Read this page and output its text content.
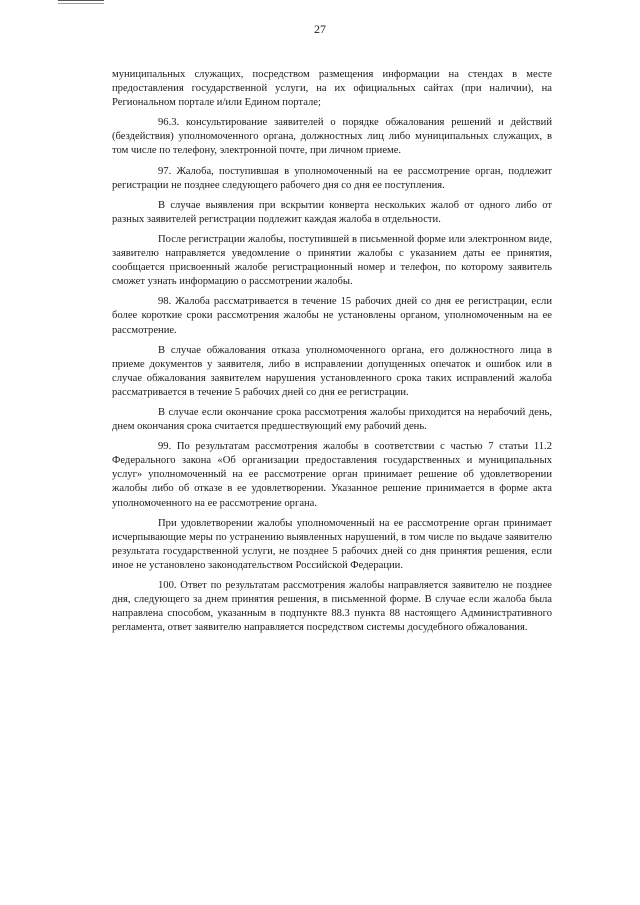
27

муниципальных служащих, посредством размещения информации на стендах в месте предоставления государственной услуги, на их официальных сайтах (при наличии), на Региональном портале и/или Едином портале;

96.3. консультирование заявителей о порядке обжалования решений и действий (бездействия) уполномоченного органа, должностных лиц либо муниципальных служащих, в том числе по телефону, электронной почте, при личном приеме.

97. Жалоба, поступившая в уполномоченный на ее рассмотрение орган, подлежит регистрации не позднее следующего рабочего дня со дня ее поступления.

В случае выявления при вскрытии конверта нескольких жалоб от одного либо от разных заявителей регистрации подлежит каждая жалоба в отдельности.

После регистрации жалобы, поступившей в письменной форме или электронном виде, заявителю направляется уведомление о принятии жалобы с указанием даты ее принятия, сообщается присвоенный жалобе регистрационный номер и телефон, по которому заявитель сможет узнать информацию о рассмотрении жалобы.

98. Жалоба рассматривается в течение 15 рабочих дней со дня ее регистрации, если более короткие сроки рассмотрения жалобы не установлены органом, уполномоченным на ее рассмотрение.

В случае обжалования отказа уполномоченного органа, его должностного лица в приеме документов у заявителя, либо в исправлении допущенных опечаток и ошибок или в случае обжалования заявителем нарушения установленного срока таких исправлений жалоба рассматривается в течение 5 рабочих дней со дня ее регистрации.

В случае если окончание срока рассмотрения жалобы приходится на нерабочий день, днем окончания срока считается предшествующий ему рабочий день.

99. По результатам рассмотрения жалобы в соответствии с частью 7 статьи 11.2 Федерального закона «Об организации предоставления государственных и муниципальных услуг» уполномоченный на ее рассмотрение орган принимает решение об удовлетворении жалобы либо об отказе в ее удовлетворении. Указанное решение принимается в форме акта уполномоченного на ее рассмотрение органа.

При удовлетворении жалобы уполномоченный на ее рассмотрение орган принимает исчерпывающие меры по устранению выявленных нарушений, в том числе по выдаче заявителю результата государственной услуги, не позднее 5 рабочих дней со дня принятия решения, если иное не установлено законодательством Российской Федерации.

100. Ответ по результатам рассмотрения жалобы направляется заявителю не позднее дня, следующего за днем принятия решения, в письменной форме. В случае если жалоба была направлена способом, указанным в подпункте 88.3 пункта 88 настоящего Административного регламента, ответ заявителю направляется посредством системы досудебного обжалования.
